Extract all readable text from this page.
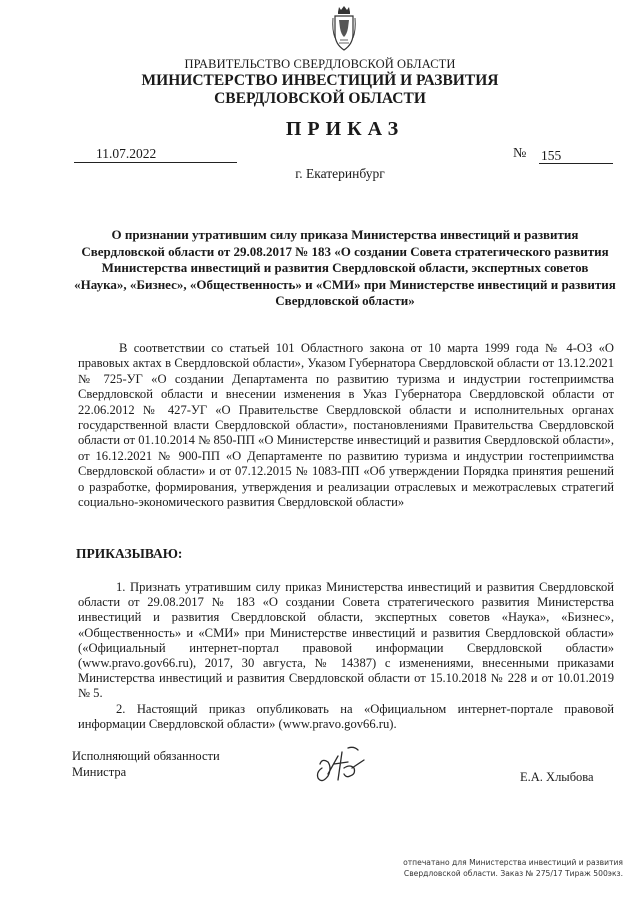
ПРАВИТЕЛЬСТВО СВЕРДЛОВСКОЙ ОБЛАСТИ
МИНИСТЕРСТВО ИНВЕСТИЦИЙ И РАЗВИТИЯ
СВЕРДЛОВСКОЙ ОБЛАСТИ
ПРИКАЗ
11.07.2022	№ 155
г. Екатеринбург
О признании утратившим силу приказа Министерства инвестиций и развития Свердловской области от 29.08.2017 № 183 «О создании Совета стратегического развития Министерства инвестиций и развития Свердловской области, экспертных советов «Наука», «Бизнес», «Общественность» и «СМИ» при Министерстве инвестиций и развития Свердловской области»
В соответствии со статьей 101 Областного закона от 10 марта 1999 года № 4-ОЗ «О правовых актах в Свердловской области», Указом Губернатора Свердловской области от 13.12.2021 № 725-УГ «О создании Департамента по развитию туризма и индустрии гостеприимства Свердловской области и внесении изменения в Указ Губернатора Свердловской области от 22.06.2012 № 427-УГ «О Правительстве Свердловской области и исполнительных органах государственной власти Свердловской области», постановлениями Правительства Свердловской области от 01.10.2014 № 850-ПП «О Министерстве инвестиций и развития Свердловской области», от 16.12.2021 № 900-ПП «О Департаменте по развитию туризма и индустрии гостеприимства Свердловской области» и от 07.12.2015 № 1083-ПП «Об утверждении Порядка принятия решений о разработке, формирования, утверждения и реализации отраслевых и межотраслевых стратегий социально-экономического развития Свердловской области»
ПРИКАЗЫВАЮ:

1. Признать утратившим силу приказ Министерства инвестиций и развития Свердловской области от 29.08.2017 № 183 «О создании Совета стратегического развития Министерства инвестиций и развития Свердловской области, экспертных советов «Наука», «Бизнес», «Общественность» и «СМИ» при Министерстве инвестиций и развития Свердловской области» («Официальный интернет-портал правовой информации Свердловской области» (www.pravo.gov66.ru), 2017, 30 августа, № 14387) с изменениями, внесенными приказами Министерства инвестиций и развития Свердловской области от 15.10.2018 № 228 и от 10.01.2019 № 5.

2. Настоящий приказ опубликовать на «Официальном интернет-портале правовой информации Свердловской области» (www.pravo.gov66.ru).

Исполняющий обязанности
Министра	Е.А. Хлыбова
отпечатано для Министерства инвестиций и развития
Свердловской области. Заказ № 275/17 Тираж 500экз.
